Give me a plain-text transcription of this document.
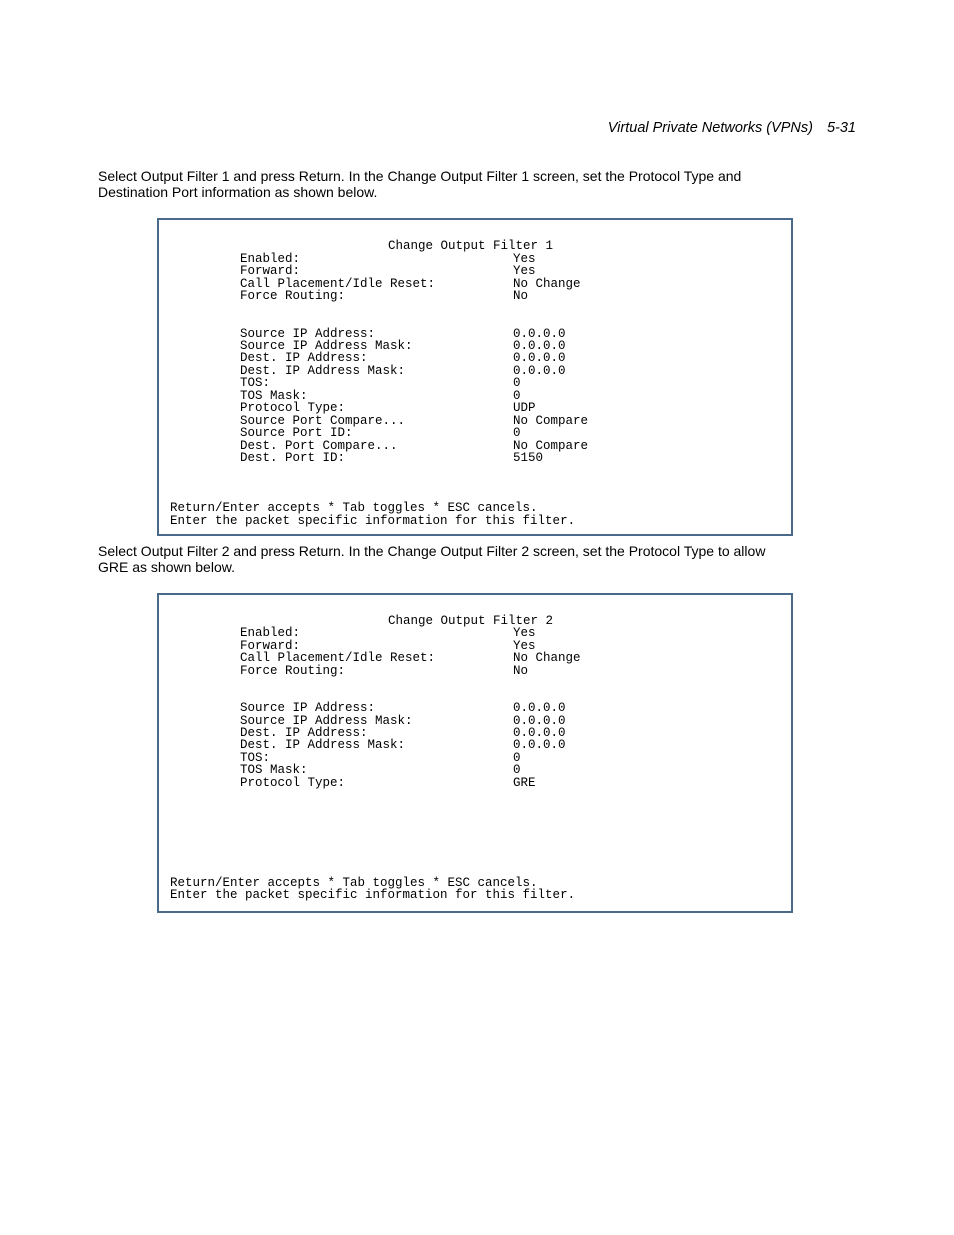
Virtual Private Networks (VPNs) 5-31

Select Output Filter 1 and press Return. In the Change Output Filter 1 screen, set the Protocol Type and
Destination Port information as shown below.

Change Output Filter 1
Enabled:	Yes
Forward:	Yes
Call Placement/Idle Reset:	No Change
Force Routing:	No
Source IP Address:	0.0.0.0
Source IP Address Mask:	0.0.0.0
Dest. IP Address:	0.0.0.0
Dest. IP Address Mask:	0.0.0.0
TOS:	0
TOS Mask:	0
Protocol Type:	UDP
Source Port Compare...	No Compare
Source Port ID:	0
Dest. Port Compare...	No Compare
Dest. Port ID:	5150
Return/Enter accepts * Tab toggles * ESC cancels.
Enter the packet specific information for this filter.

Select Output Filter 2 and press Return. In the Change Output Filter 2 screen, set the Protocol Type to allow
GRE as shown below.

Change Output Filter 2
Enabled:	Yes
Forward:	Yes
Call Placement/Idle Reset:	No Change
Force Routing:	No
Source IP Address:	0.0.0.0
Source IP Address Mask:	0.0.0.0
Dest. IP Address:	0.0.0.0
Dest. IP Address Mask:	0.0.0.0
TOS:	0
TOS Mask:	0
Protocol Type:	GRE
Return/Enter accepts * Tab toggles * ESC cancels.
Enter the packet specific information for this filter.
